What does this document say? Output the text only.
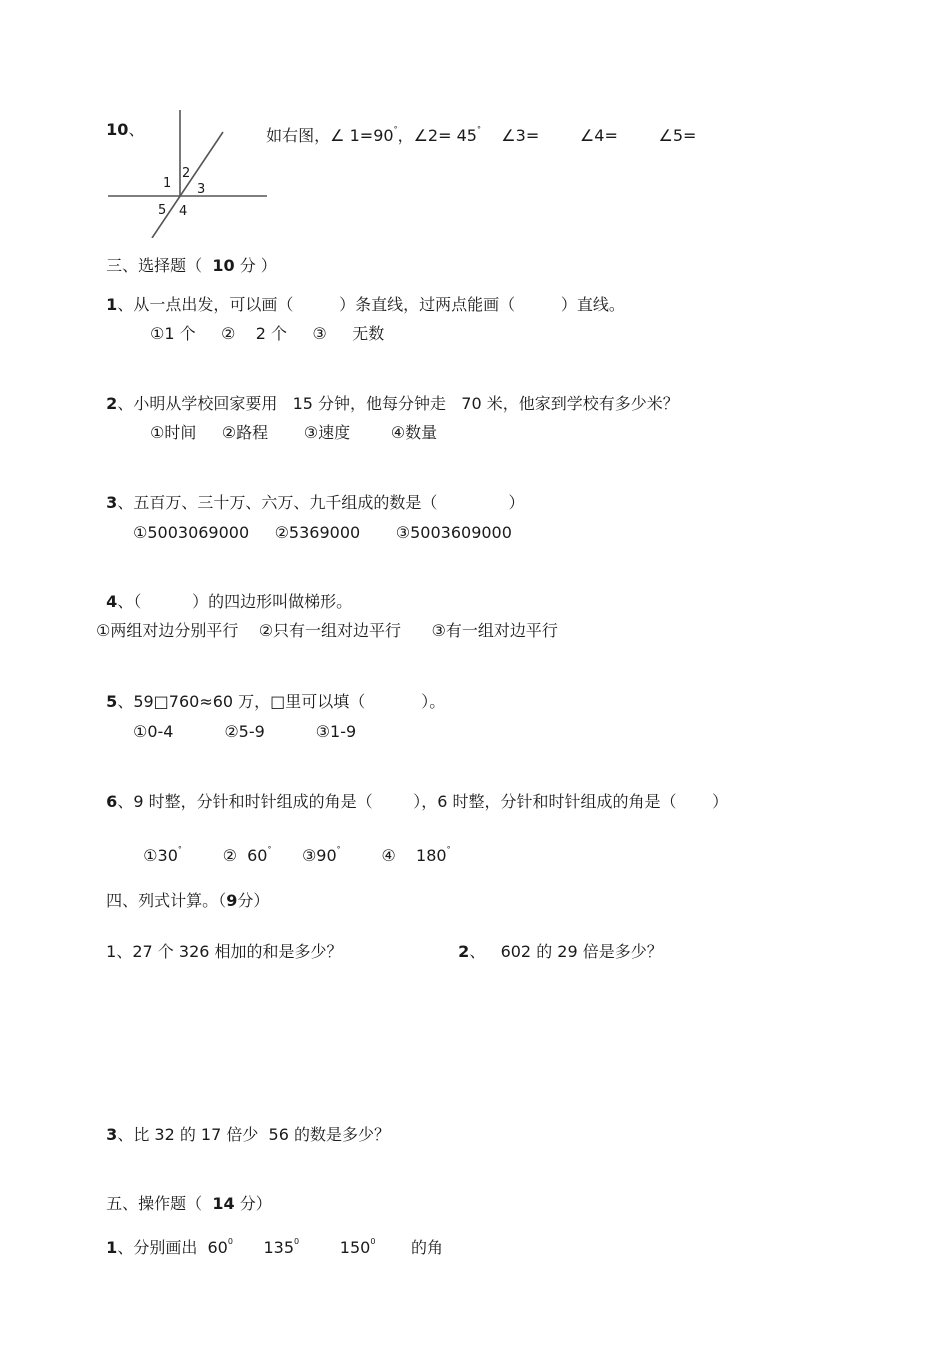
10、

1
2
3
4
5

如右图，∠ 1=90°，∠2= 45° ∠3=        ∠4=        ∠5=

三、选择题（  10 分 ）

1、从一点出发，可以画（         ）条直线，过两点能画（         ）直线。

①1 个     ②    2 个     ③     无数

2、小明从学校回家要用   15 分钟，他每分钟走   70 米，他家到学校有多少米？

①时间     ②路程       ③速度        ④数量

3、五百万、三十万、六万、九千组成的数是（              ）

①5003069000     ②5369000       ③5003609000

4、（          ）的四边形叫做梯形。

①两组对边分别平行    ②只有一组对边平行      ③有一组对边平行

5、59□760≈60 万，□里可以填（           ）。

①0-4          ②5-9          ③1-9

6、9 时整，分针和时针组成的角是（        ），6 时整，分针和时针组成的角是（       ）

①30°	②  60° ③90°	④    180°

四、列式计算。（9分）

1、27 个 326 相加的和是多少？	2、   602 的 29 倍是多少？

3、比 32 的 17 倍少  56 的数是多少？

五、操作题（  14 分）

1、分别画出  $60^0$ $135^0$	$150^0$ 的角
